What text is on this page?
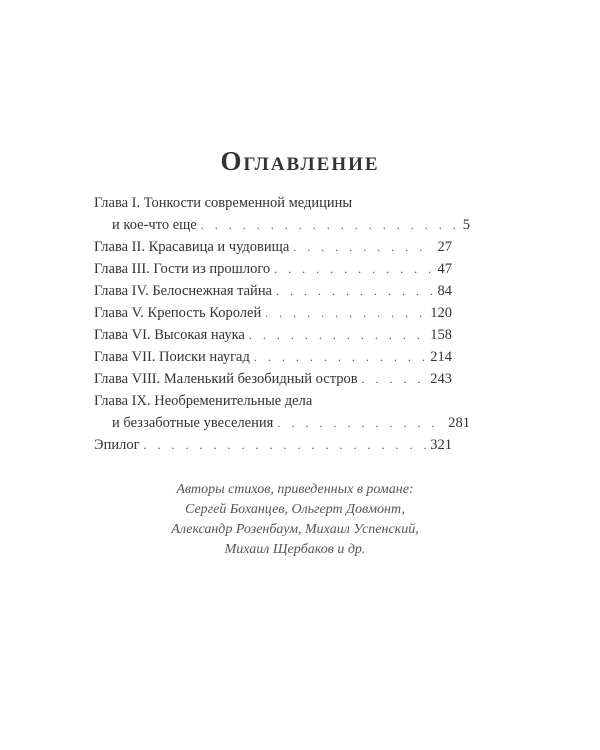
Оглавление
Глава I. Тонкости современной медицины
и кое-что еще . . .	5
Глава II. Красавица и чудовища . . .	27
Глава III. Гости из прошлого . . .	47
Глава IV. Белоснежная тайна . . .	84
Глава V. Крепость Королей . . .	120
Глава VI. Высокая наука . . .	158
Глава VII. Поиски наугад . . .	214
Глава VIII. Маленький безобидный остров . . .	243
Глава IX. Необременительные дела
и беззаботные увеселения . . .	281
Эпилог . . .	321
Авторы стихов, приведенных в романе:
Сергей Боханцев, Ольгерт Довмонт,
Александр Розенбаум, Михаил Успенский,
Михаил Щербаков и др.
